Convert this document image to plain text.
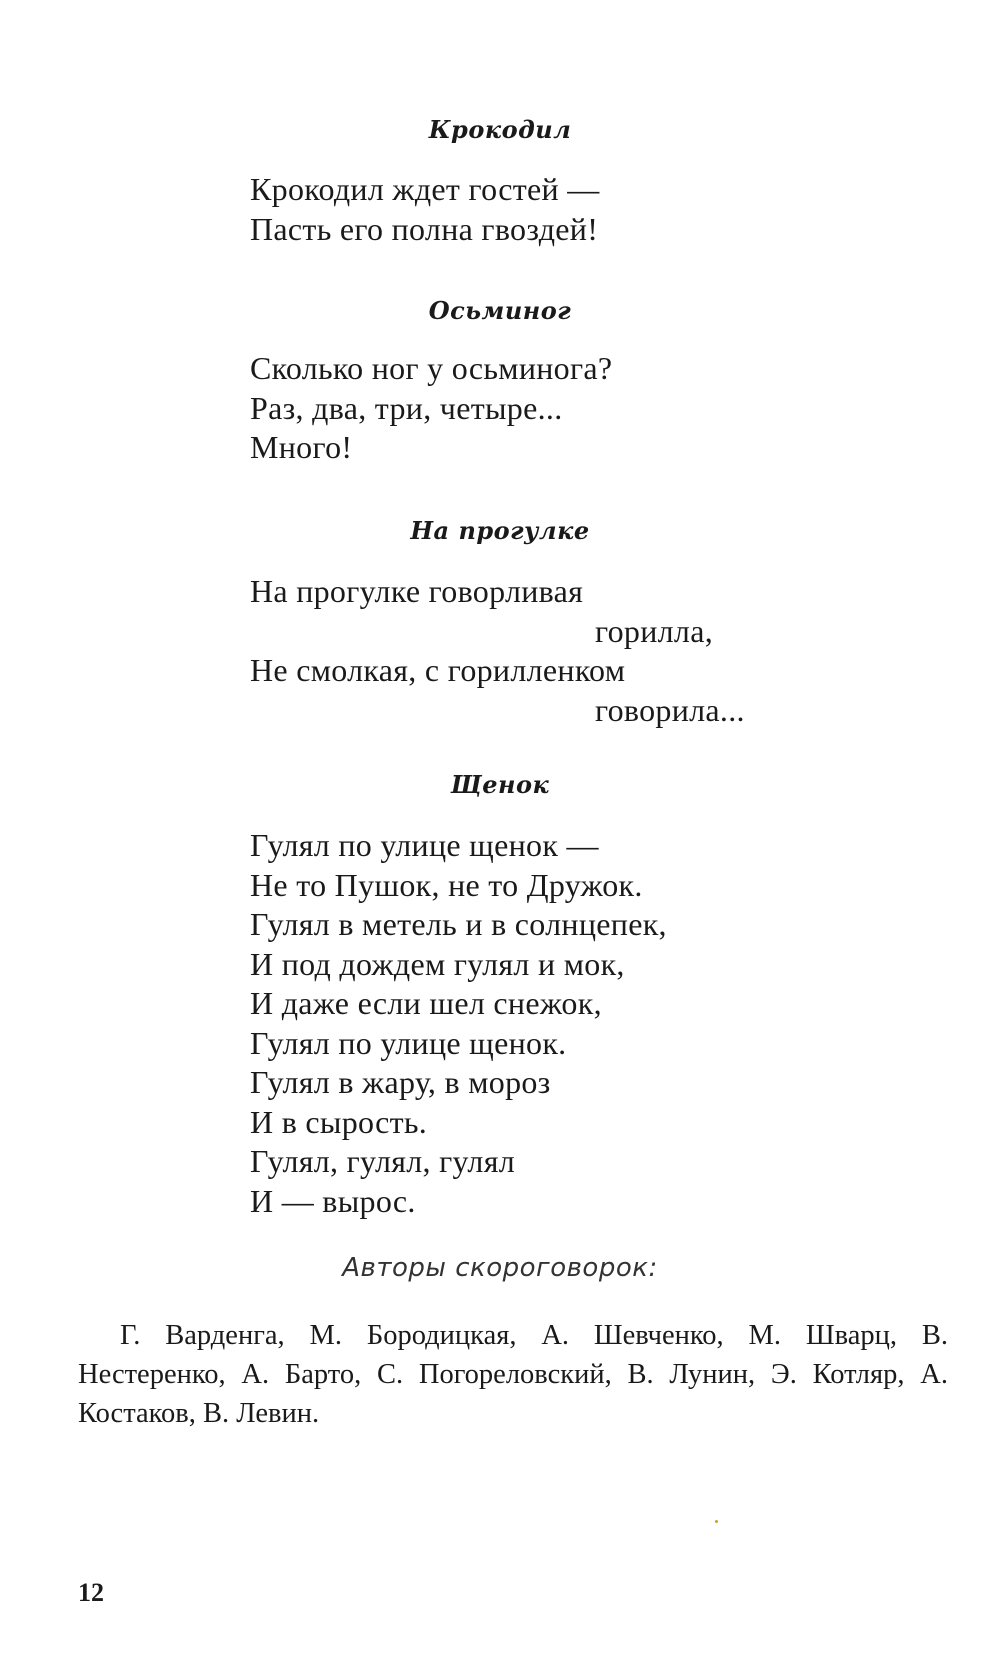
Крокодил
Крокодил ждет гостей —
Пасть его полна гвоздей!
Осьминог
Сколько ног у осьминога?
Раз, два, три, четыре...
Много!
На прогулке
На прогулке говорливая
горилла,
Не смолкая, с горилленком
говорила...
Щенок
Гулял по улице щенок —
Не то Пушок, не то Дружок.
Гулял в метель и в солнцепек,
И под дождем гулял и мок,
И даже если шел снежок,
Гулял по улице щенок.
Гулял в жару, в мороз
И в сырость.
Гулял, гулял, гулял
И — вырос.
Авторы скороговорок:

Г. Варденга, М. Бородицкая, А. Шевченко, М. Шварц, В. Нестеренко, А. Барто, С. Погореловский, В. Лунин, Э. Котляр, А. Костаков, В. Левин.

12
